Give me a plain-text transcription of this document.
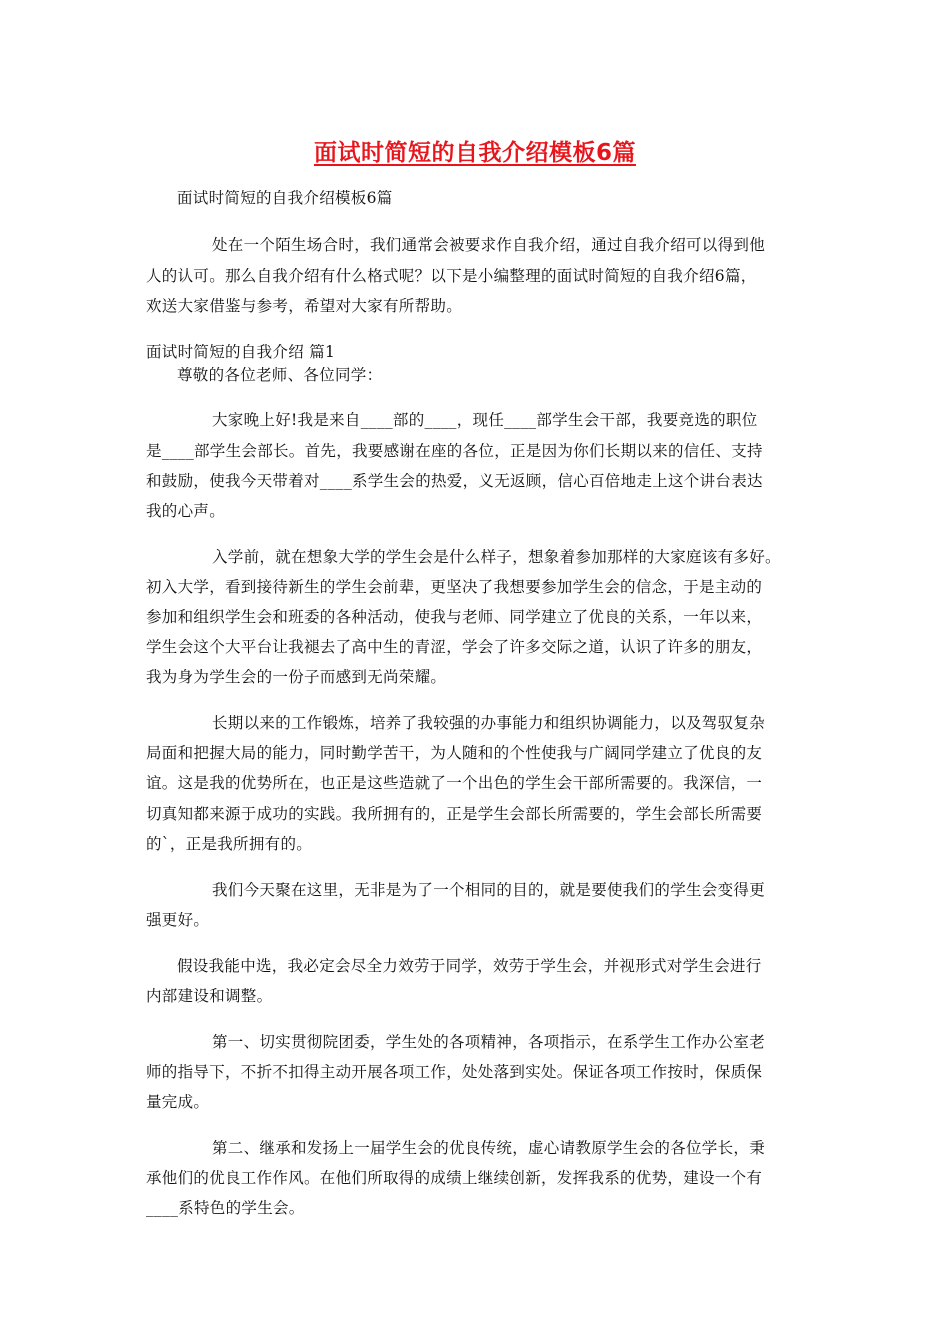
面试时简短的自我介绍模板6篇
面试时简短的自我介绍模板6篇
处在一个陌生场合时，我们通常会被要求作自我介绍，通过自我介绍可以得到他
人的认可。那么自我介绍有什么格式呢？以下是小编整理的面试时简短的自我介绍6篇，
欢送大家借鉴与参考，希望对大家有所帮助。
面试时简短的自我介绍 篇1
尊敬的各位老师、各位同学：
大家晚上好!我是来自____部的____，现任____部学生会干部，我要竞选的职位
是____部学生会部长。首先，我要感谢在座的各位，正是因为你们长期以来的信任、支持
和鼓励，使我今天带着对____系学生会的热爱，义无返顾，信心百倍地走上这个讲台表达
我的心声。
入学前，就在想象大学的学生会是什么样子，想象着参加那样的大家庭该有多好。
初入大学，看到接待新生的学生会前辈，更坚决了我想要参加学生会的信念，于是主动的
参加和组织学生会和班委的各种活动，使我与老师、同学建立了优良的关系，一年以来，
学生会这个大平台让我褪去了高中生的青涩，学会了许多交际之道，认识了许多的朋友，
我为身为学生会的一份子而感到无尚荣耀。
长期以来的工作锻炼，培养了我较强的办事能力和组织协调能力，以及驾驭复杂
局面和把握大局的能力，同时勤学苦干，为人随和的个性使我与广阔同学建立了优良的友
谊。这是我的优势所在，也正是这些造就了一个出色的学生会干部所需要的。我深信，一
切真知都来源于成功的实践。我所拥有的，正是学生会部长所需要的，学生会部长所需要
的`，正是我所拥有的。
我们今天聚在这里，无非是为了一个相同的目的，就是要使我们的学生会变得更
强更好。
假设我能中选，我必定会尽全力效劳于同学，效劳于学生会，并视形式对学生会进行
内部建设和调整。
第一、切实贯彻院团委，学生处的各项精神，各项指示，在系学生工作办公室老
师的指导下，不折不扣得主动开展各项工作，处处落到实处。保证各项工作按时，保质保
量完成。
第二、继承和发扬上一届学生会的优良传统，虚心请教原学生会的各位学长，秉
承他们的优良工作作风。在他们所取得的成绩上继续创新，发挥我系的优势，建设一个有
____系特色的学生会。
